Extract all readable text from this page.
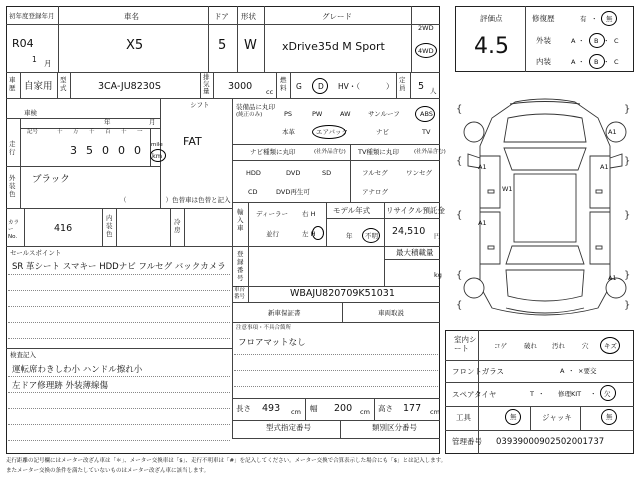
初年度登録年月
R04
1 月
車名
X5
ドア
5
形状
W
グレード
xDrive35d M Sport
2WD
4WD
車歴 自家用
型式	3CA-JU8230S
排気量 3000 cc
燃料 G D HV・（	）
定員 5 人
車検
年	月
シフト
走行
記号	十 万 千 百 十 一
3 5 0 0 0 mile
km
FAT
外装色
ブラック
（　　　　　　）色替車は色替と記入
カラーNo.
416
内装色
冷房
セールスポイント
SR 革シート スマキー HDDナビ フルセグ バックカメラ
検査記入
運転席わきしわ小 ハンドル擦れ小
左ドア修理跡 外装薄線傷
装備品に丸印
(純正のみ)	PS	PW	AW	サンルーフ	ABS
本革	エアバック	ナビ	TV
ナビ種類に丸印	(社外品含む) TV種類に丸印	(社外品含む)
HDD	DVD	SD
CD	DVD再生可
フルセグ	ワンセグ
アナログ
輸入車
ディーラー
並行
右 H
左 H
モデル年式
年 不明
リサイクル預託金
24,510 円
登録番号
最大積載量
kg
車台番号	WBAJU820709K51031
新車保証書	車両取説
注意事項・不具合箇所
フロアマットなし
長さ 493 cm 幅 200 cm 高さ 177 cm
型式指定番号	類別区分番号
評価点
4.5
修復歴	有 ・ 無
外装	A ・ B ・ C
内装	A ・ B ・ C
{	}
{	}
{	}
{	}
{	}
A1
A1	A1
A1
W1
A1
室内シート	コゲ	破れ 汚れ	穴 キズ
フロントガラス	A ・ ×要交
スペアタイヤ	T ・ 修理KIT ・ 欠
工具	無	ジャッキ	無
管理番号 03939000902502001737
走行距離の記号欄にはメーター改ざん車は「＊」、メーター交換車は「$」、走行不明車は「#」を記入してください。メーター交換で合算表示した場合にも「$」とは記入します。
またメーター交換の条件を満たしていないものはメーター改ざん車に該当します。
